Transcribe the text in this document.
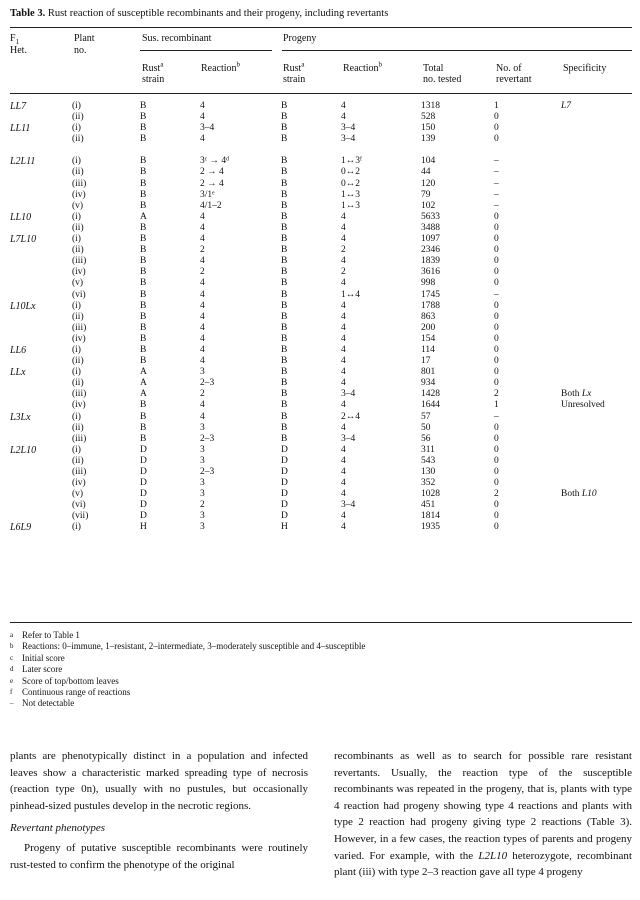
Table 3. Rust reaction of susceptible recombinants and their progeny, including revertants
$F_1$
Het.
Plant
no.
Sus. recombinant	Progeny
Rust$^a$
strain
Reaction$^b$	Rust$^a$
strain
Reaction$^b$	Total
no. tested
No. of
revertant
Specificity
LL7	(i)	B	4	B	4	1318	1	L7
	(ii)	B	4	B	4	528	0	
LL11	(i)	B	3–4	B	3–4	150	0	
	(ii)	B	4	B	3–4	139	0	

L2L11	(i)	B	3ᶜ → 4ᵈ	B	1↔3ᶠ	104	–	
	(ii)	B	2 → 4	B	0↔2	44	–	
	(iii)	B	2 → 4	B	0↔2	120	–	
	(iv)	B	3/1ᵉ	B	1↔3	79	–	
	(v)	B	4/1–2	B	1↔3	102	–	
LL10	(i)	A	4	B	4	5633	0	
	(ii)	B	4	B	4	3488	0	
L7L10	(i)	B	4	B	4	1097	0	
	(ii)	B	2	B	2	2346	0	
	(iii)	B	4	B	4	1839	0	
	(iv)	B	2	B	2	3616	0	
	(v)	B	4	B	4	998	0	
	(vi)	B	4	B	1↔4	1745	–	
L10Lx	(i)	B	4	B	4	1788	0	
	(ii)	B	4	B	4	863	0	
	(iii)	B	4	B	4	200	0	
	(iv)	B	4	B	4	154	0	
LL6	(i)	B	4	B	4	114	0	
	(ii)	B	4	B	4	17	0	
LLx	(i)	A	3	B	4	801	0	
	(ii)	A	2–3	B	4	934	0	
	(iii)	A	2	B	3–4	1428	2	Both Lx
	(iv)	B	4	B	4	1644	1	Unresolved
L3Lx	(i)	B	4	B	2↔4	57	–	
	(ii)	B	3	B	4	50	0	
	(iii)	B	2–3	B	3–4	56	0	
L2L10	(i)	D	3	D	4	311	0	
	(ii)	D	3	D	4	543	0	
	(iii)	D	2–3	D	4	130	0	
	(iv)	D	3	D	4	352	0	
	(v)	D	3	D	4	1028	2	Both L10
	(vi)	D	2	D	3–4	451	0	
	(vii)	D	3	D	4	1814	0	
L6L9	(i)	H	3	H	4	1935	0	
a Refer to Table 1
b Reactions: 0–immune, 1–resistant, 2–intermediate, 3–moderately susceptible and 4–susceptible
c Initial score
d Later score
e Score of top/bottom leaves
f Continuous range of reactions
– Not detectable

plants are phenotypically distinct in a population and infected leaves show a characteristic marked spreading type of necrosis (reaction type 0n), usually with no pustules, but occasionally pinhead-sized pustules develop in the necrotic regions.

Revertant phenotypes

Progeny of putative susceptible recombinants were routinely rust-tested to confirm the phenotype of the original

recombinants as well as to search for possible rare resistant revertants. Usually, the reaction type of the susceptible recombinants was repeated in the progeny, that is, plants with type 4 reaction had progeny showing type 4 reactions and plants with type 2 reaction had progeny giving type 2 reactions (Table 3). However, in a few cases, the reaction types of parents and progeny varied. For example, with the L2L10 heterozygote, recombinant plant (iii) with type 2–3 reaction gave all type 4 progeny
